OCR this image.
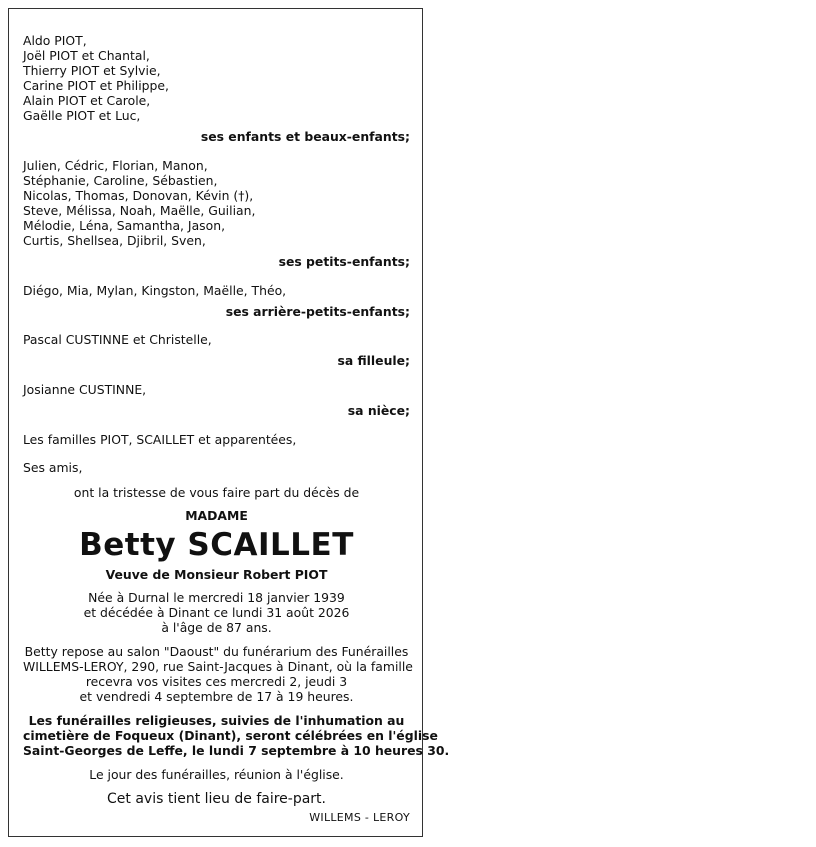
Aldo PIOT,
Joël PIOT et Chantal,
Thierry PIOT et Sylvie,
Carine PIOT et Philippe,
Alain PIOT et Carole,
Gaëlle PIOT et Luc,
ses enfants et beaux-enfants;
Julien, Cédric, Florian, Manon,
Stéphanie, Caroline, Sébastien,
Nicolas, Thomas, Donovan, Kévin (†),
Steve, Mélissa, Noah, Maëlle, Guilian,
Mélodie, Léna, Samantha, Jason,
Curtis, Shellsea, Djibril, Sven,
ses petits-enfants;
Diégo, Mia, Mylan, Kingston, Maëlle, Théo,
ses arrière-petits-enfants;
Pascal CUSTINNE et Christelle,
sa filleule;
Josianne CUSTINNE,
sa nièce;
Les familles PIOT, SCAILLET et apparentées,
Ses amis,
ont la tristesse de vous faire part du décès de
MADAME
Betty SCAILLET
Veuve de Monsieur Robert PIOT
Née à Durnal le mercredi 18 janvier 1939
et décédée à Dinant ce lundi 31 août 2026
à l'âge de 87 ans.
Betty repose au salon "Daoust" du funérarium des Funérailles
WILLEMS-LEROY, 290, rue Saint-Jacques à Dinant, où la famille
recevra vos visites ces mercredi 2, jeudi 3
et vendredi 4 septembre de 17 à 19 heures.
Les funérailles religieuses, suivies de l'inhumation au
cimetière de Foqueux (Dinant), seront célébrées en l'église
Saint-Georges de Leffe, le lundi 7 septembre à 10 heures 30.
Le jour des funérailles, réunion à l'église.
Cet avis tient lieu de faire-part.
WILLEMS - LEROY
